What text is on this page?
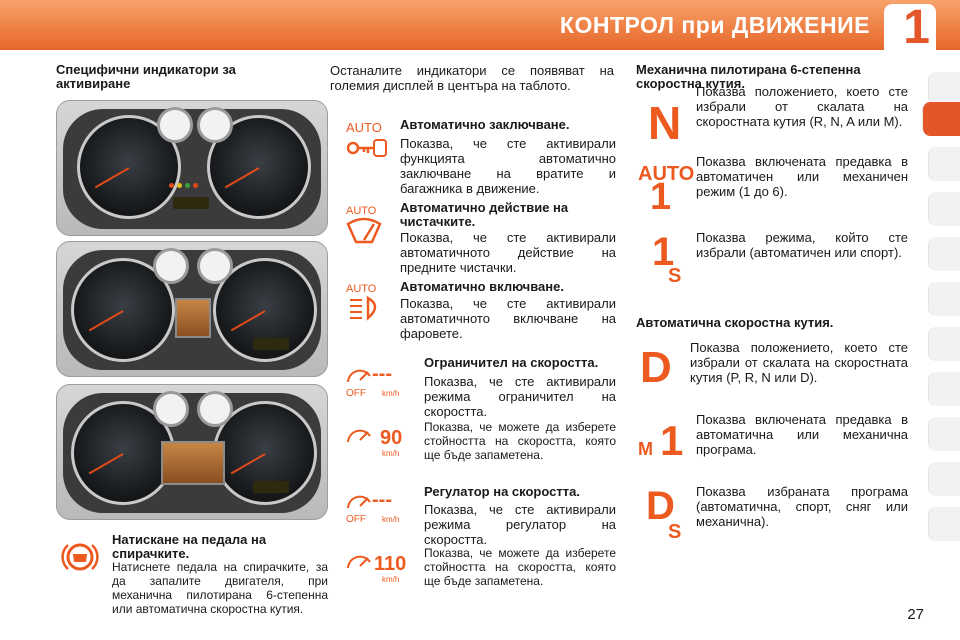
КОНТРОЛ при ДВИЖЕНИЕ 1
Специфични индикатори за активиране
Натискане на педала на спирачките.
Натиснете педала на спирачките, за да запалите двигателя, при механична пилотирана 6-степенна или автоматична скоростна кутия.
Останалите индикатори се появяват на големия дисплей в центъра на таблото.
AUTO Автоматично заключване.
Показва, че сте активирали функцията автоматично заключване на вратите и багажника в движение.
AUTO Автоматично действие на чистачките.
Показва, че сте активирали автоматичното действие на предните чистачки.
AUTO Автоматично включване.
Показва, че сте активирали автоматичното включване на фаровете.
OFF
---
km/h
90
km/h
Ограничител на скоростта.
Показва, че сте активирали режима ограничител на скоростта.
Показва, че можете да изберете стойността на скоростта, която ще бъде запаметена.
OFF
---
km/h
110
km/h
Регулатор на скоростта.
Показва, че сте активирали режима регулатор на скоростта.
Показва, че можете да изберете стойността на скоростта, която ще бъде запаметена.
Механична пилотирана 6-степенна скоростна кутия.
N
Показва положението, което сте избрали от скалата на скоростната кутия (R, N, A или M).
AUTO
1
Показва включената предавка в автоматичен или механичен режим (1 до 6).
1
S
Показва режима, който сте избрали (автоматичен или спорт).
Автоматична скоростна кутия.
D Показва положението, което сте избрали от скалата на скоростната кутия (P, R, N или D).
M 1 Показва включената предавка в автоматична или механична програма.
D
S
Показва избраната програма (автоматична, спорт, сняг или механична).
27
